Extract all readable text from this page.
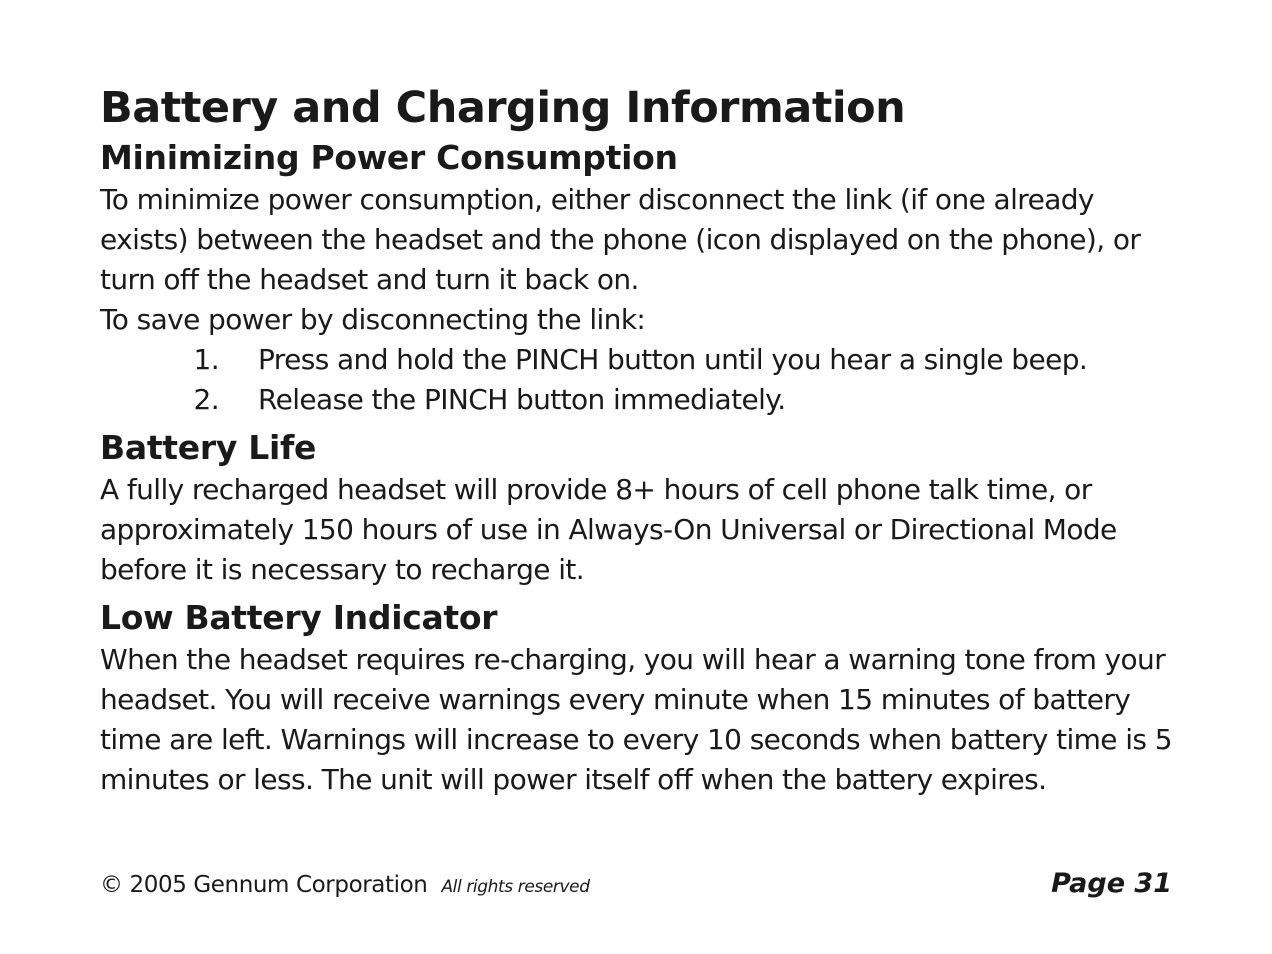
Battery and Charging Information
Minimizing Power Consumption

To minimize power consumption, either disconnect the link (if one already exists) between the headset and the phone (icon displayed on the phone), or turn off the headset and turn it back on.

To save power by disconnecting the link:

1.	Press and hold the PINCH button until you hear a single beep.
2.	Release the PINCH button immediately.
Battery Life

A fully recharged headset will provide 8+ hours of cell phone talk time, or approximately 150 hours of use in Always-On Universal or Directional Mode before it is necessary to recharge it.

Low Battery Indicator

When the headset requires re-charging, you will hear a warning tone from your headset. You will receive warnings every minute when 15 minutes of battery time are left. Warnings will increase to every 10 seconds when battery time is 5 minutes or less. The unit will power itself off when the battery expires.

© 2005 Gennum Corporation All rights reserved	Page 31
